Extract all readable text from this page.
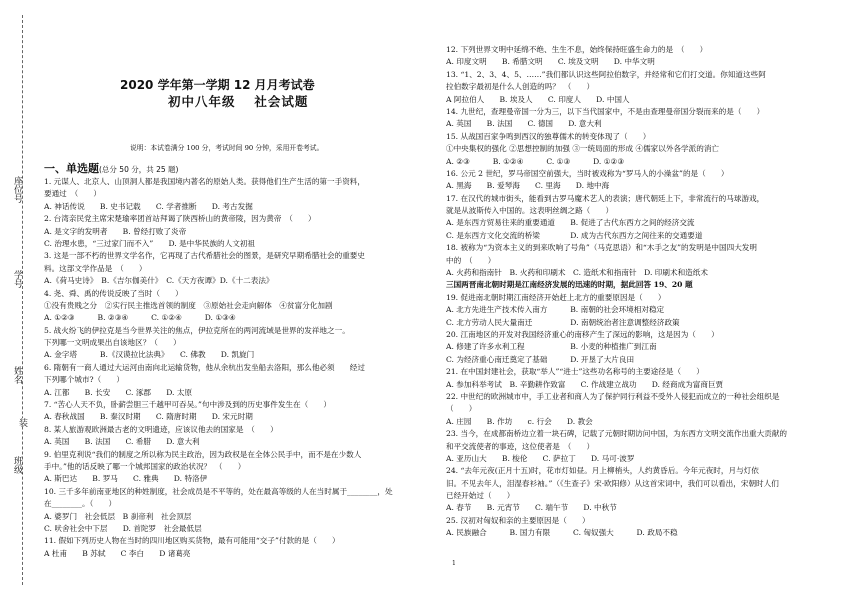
座位号
学号
姓名
装
班级
2020 学年第一学期 12 月月考试卷
初中八年级　 社会试题
说明：本试卷满分 100 分，考试时间 90 分钟，采用开卷考试。
一、单选题(总分 50 分，共 25 题)
1. 元谋人、北京人、山顶洞人都是我国境内著名的原始人类。获得他们生产生活的第一手资料，
要通过　（　　）
A. 神话传说　　B. 史书记载　　C. 学者推断　　D. 考古发掘
2. 台湾亲民党主席宋楚瑜率团首站拜谒了陕西桥山的黄帝陵，因为黄帝　（　　）
A. 是文字的发明者　　B. 曾经打败了炎帝
C. 治理水患，“三过家门而不入”　　D. 是中华民族的人文初祖
3. 这是一部不朽的世界文学名作，它再现了古代希腊社会的图景，是研究早期希腊社会的重要史
料。这部文学作品是　（　　）
A.《荷马史诗》　B.《吉尔伽美什》　C.《天方夜谭》D.《十二表法》
4. 尧、舜、禹的传说反映了当时（　　）
①没有贵贱之分　②实行民主推选首领的制度　③原始社会走向解体　④贫富分化加剧
A. ①②③　　　B. ②③④　　　C. ①②④　　　D. ①③④
5. 战火纷飞的伊拉克是当今世界关注的焦点，伊拉克所在的两河流域是世界的发祥地之一。
下列哪一文明成果出自该地区？（　　）
A. 金字塔　　　B.《汉谟拉比法典》　　C. 佛教　　D. 凯旋门
6. 隋朝有一商人通过大运河由南向北运输货物，他从余杭出发坐船去洛阳，那么他必须　　经过
下列哪个城市?（　　）
A. 江都　　B. 长安　　C. 涿郡　　D. 太原
7. “苦心人天不负，卧薪尝胆三千越甲可吞吴。”句中涉及到的历史事件发生在（　　）
A. 春秋战国　　B. 秦汉时期　　C. 隋唐时期　　D. 宋元时期
8. 某人旅游观欧洲最古老的文明遗迹，应该议他去的国家是　（　　）
A. 英国　　B. 法国　　C. 希腊　　D. 意大利
9. 伯里克利说“我们的制度之所以称为民主政治，因为政权是在全体公民手中，而不是在少数人
手中。”他的话反映了哪一个城邦国家的政治状况？　（　　）
A. 斯巴达　　B. 罗马　　C. 雅典　　D. 特洛伊
10. 三千多年前南亚地区的种姓制度，社会成员是不平等的，处在最高等级的人在当时属于________，处
在________。（　　）
A. 婆罗门　社会低层　B 刹帝利　社会顶层
C. 吠舍社会中下层　　D. 首陀罗　社会最低层
11. 假如下列历史人物在当时的四川地区购买货物，最有可能用“交子”付款的是（　　）
A 杜甫　　B 苏轼　　C 李白　　D 诸葛亮
12. 下列世界文明中延绵不绝、生生不息，始终保持旺盛生命力的是　（　　）
A. 印度文明　　B. 希腊文明　　C. 埃及文明　　D. 中华文明
13. “1、2、3、4、5、……”我们都认识这些阿拉伯数字，并经常和它们打交道。你知道这些阿
拉伯数字最初是什么人创造的吗？　（　　）
A 阿拉伯人　　B. 埃及人　　C. 印度人　　D. 中国人
14. 九世纪，查理曼帝国一分为三，以下当代国家中，不是由查理曼帝国分裂而来的是（　　）
A. 英国　　B. 法国　　C. 德国　　D. 意大利
15. 从战国百家争鸣到西汉的独尊儒术的转变体现了（　　）
①中央集权的强化 ②思想控制的加强 ③一统局面的形成 ④儒家以外各学派的消亡
A. ②③　　　B. ①②④　　　C. ①③　　　D. ①②③
16. 公元 2 世纪，罗马帝国空前强大，当时被戏称为“罗马人的小澡盆”的是（　　）
A. 黑海　　B. 爱琴海　　C. 里海　　D. 地中海
17. 在汉代的城市街头，能看到古罗马魔术艺人的表演；唐代朝廷上下，非常流行的马球游戏，
就是从波斯传入中国的。这表明丝绸之路（　　）
A. 是东西方贸易往来的重要通道　　B. 促进了古代东西方之间的经济交流
C. 是东西方文化交流的桥梁　　　　D. 成为古代东西方之间往来的交通要道
18. 被称为“为资本主义的到来吹响了号角”（马克思语）和“木手之友”的发明是中国四大发明
中的　（　　）
A. 火药和指南针　B. 火药和印刷术　C. 造纸术和指南针　D. 印刷术和造纸术
三国两晋南北朝时期是江南经济发展的迅速的时期，据此回答 19、20 题
19. 促进南北朝时期江南经济开始赶上北方的重要原因是（　　）
A. 北方先进生产技术传入南方　　　B. 南朝的社会环境相对稳定
C. 北方劳动人民大量南迁　　　　　D. 南朝统治者注意调整经济政策
20. 江南地区的开发对我国经济重心的南移产生了深远的影响，这是因为（　　）
A. 修建了许多水利工程　　　　　　B. 小麦的种植推广到江南
C. 为经济重心南迁奠定了基础　　　D. 开垦了大片良田
21. 在中国封建社会，获取“举人”“进士”这些功名称号的主要途径是（　　）
A. 参加科举考试　B. 辛勤耕作致富　　C. 作战建立战功　　D. 经商成为富商巨贾
22. 中世纪的欧洲城市中，手工业者和商人为了保护同行利益不受外人侵犯而成立的一种社会组织是
（　　）
A. 庄园　　B. 作坊　　c. 行会　　D. 教会
23. 当今，在成都南桥边立着一块石碑，记载了元朝时期访问中国，为东西方文明交流作出重大贡献的
和平交流使者的事迹，这位使者是　（　　）
A. 亚历山大　　B. 梭伦　　C. 萨拉丁　　D. 马可·波罗
24. “去年元夜(正月十五)时，花市灯如昼。月上柳梢头，人约黄昏后。今年元夜时，月与灯依
旧。不见去年人，泪湿春衫袖。”（《生查子》宋·欧阳修）从这首宋词中，我们可以看出，宋朝时人们
已经开始过（　　）
A. 春节　　B. 元宵节　　C. 端午节　　D. 中秋节
25. 汉初对匈奴和亲的主要原因是（　　）
A. 民族融合　　　B. 国力有限　　　C. 匈奴强大　　　D. 政局不稳
1
